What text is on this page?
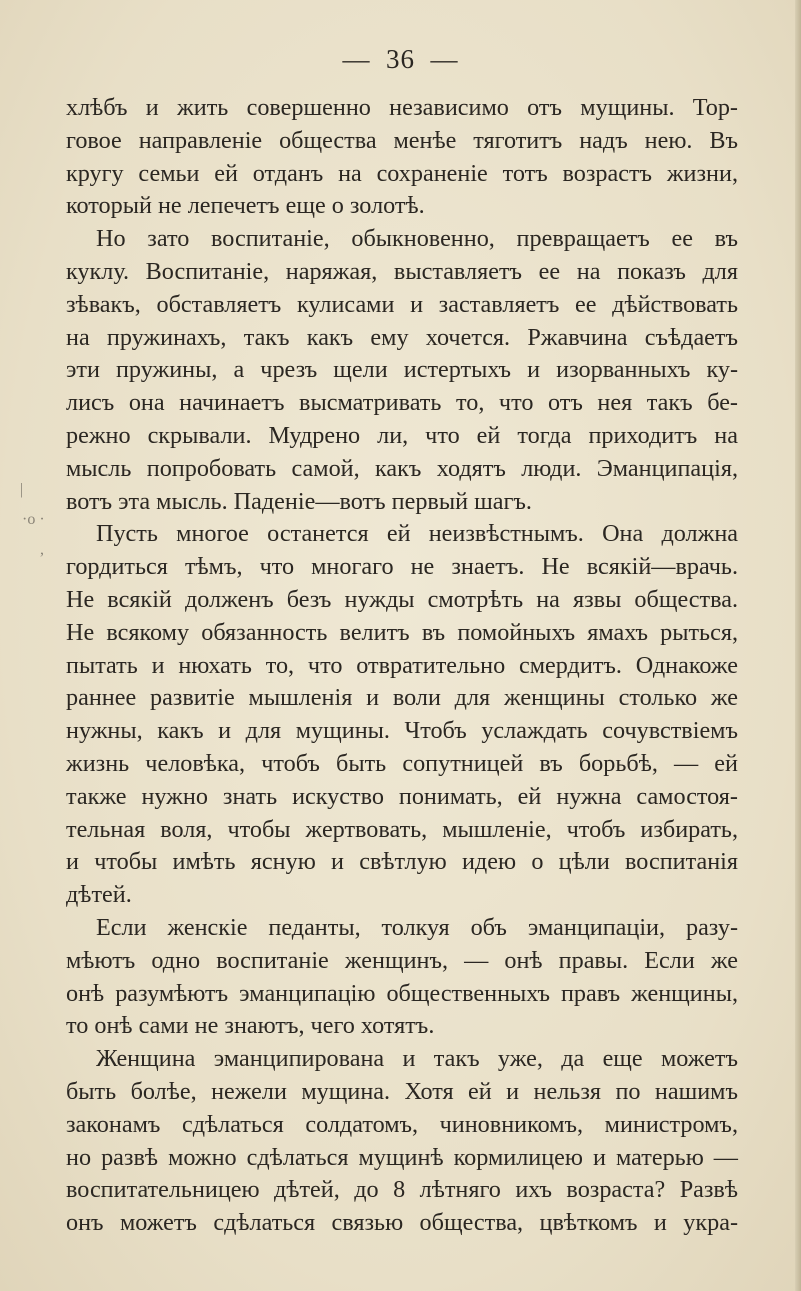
—  36  —
|
·o ·
,
хлѣбъ и жить совершенно независимо отъ мущины. Тор-
говое направленіе общества менѣе тяготитъ надъ нею. Въ
кругу семьи ей отданъ на сохраненіе тотъ возрастъ жизни,
который не лепечетъ еще о золотѣ.
Но зато воспитаніе, обыкновенно, превращаетъ ее въ
куклу. Воспитаніе, наряжая, выставляетъ ее на показъ для
зѣвакъ, обставляетъ кулисами и заставляетъ ее дѣйствовать
на пружинахъ, такъ какъ ему хочется. Ржавчина съѣдаетъ
эти пружины, а чрезъ щели истертыхъ и изорванныхъ ку-
лисъ она начинаетъ высматривать то, что отъ нея такъ бе-
режно скрывали. Мудрено ли, что ей тогда приходитъ на
мысль попробовать самой, какъ ходятъ люди. Эманципація,
вотъ эта мысль. Паденіе—вотъ первый шагъ.
Пусть многое останется ей неизвѣстнымъ. Она должна
гордиться тѣмъ, что многаго не знаетъ. Не всякій—врачь.
Не всякій долженъ безъ нужды смотрѣть на язвы общества.
Не всякому обязанность велитъ въ помойныхъ ямахъ рыться,
пытать и нюхать то, что отвратительно смердитъ. Однакоже
раннее развитіе мышленія и воли для женщины столько же
нужны, какъ и для мущины. Чтобъ услаждать сочувствіемъ
жизнь человѣка, чтобъ быть сопутницей въ борьбѣ, — ей
также нужно знать искуство понимать, ей нужна самостоя-
тельная воля, чтобы жертвовать, мышленіе, чтобъ избирать,
и чтобы имѣть ясную и свѣтлую идею о цѣли воспитанія
дѣтей.
Если женскіе педанты, толкуя объ эманципаціи, разу-
мѣютъ одно воспитаніе женщинъ, — онѣ правы. Если же
онѣ разумѣютъ эманципацію общественныхъ правъ женщины,
то онѣ сами не знаютъ, чего хотятъ.
Женщина эманципирована и такъ уже, да еще можетъ
быть болѣе, нежели мущина. Хотя ей и нельзя по нашимъ
законамъ сдѣлаться солдатомъ, чиновникомъ, министромъ,
но развѣ можно сдѣлаться мущинѣ кормилицею и матерью —
воспитательницею дѣтей, до 8 лѣтняго ихъ возраста? Развѣ
онъ можетъ сдѣлаться связью общества, цвѣткомъ и укра-
